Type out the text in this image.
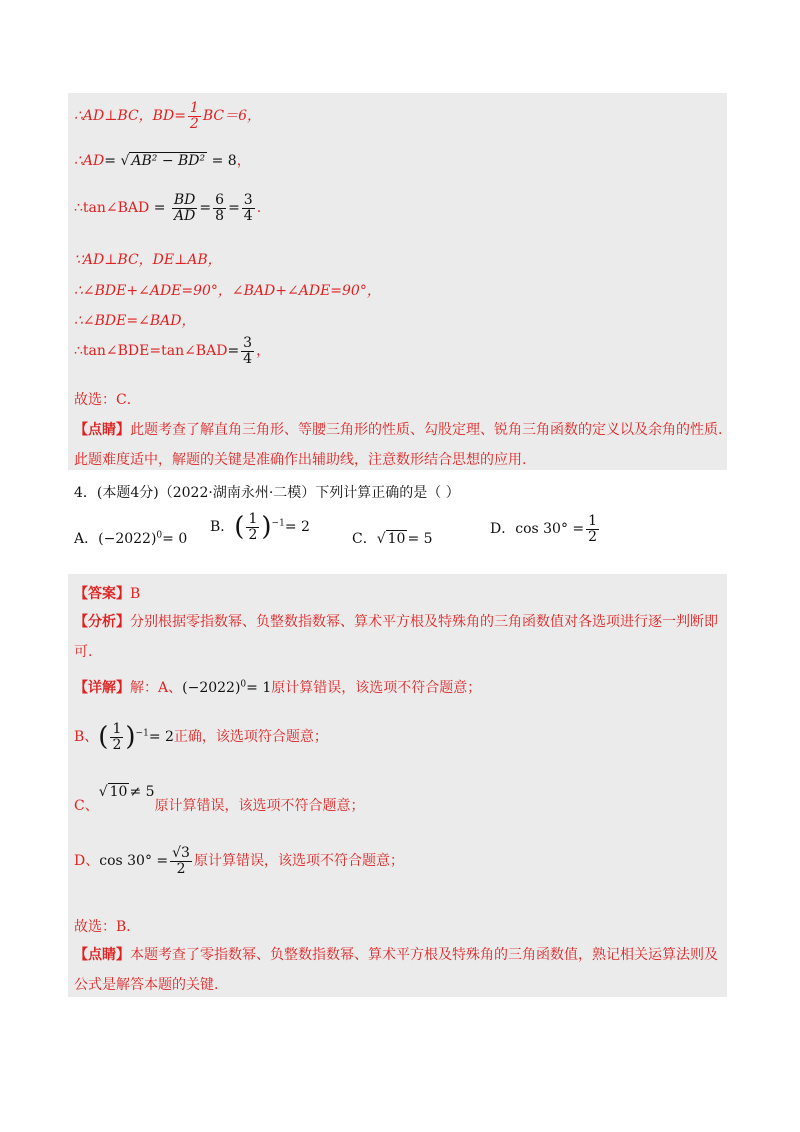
∴AD⊥BC，$BD= \frac{1}{2} BC=6$，
∴AD= √ AB² − BD² = 8，
∴tan∠BAD = $\frac{BD}{AD} = \frac{6}{8} = \frac{3}{4}$ .
∵AD⊥BC，DE⊥AB，
∴∠BDE+∠ADE=90°，∠BAD+∠ADE=90°，
∴∠BDE=∠BAD，
∴tan∠BDE=tan∠BAD= $\frac{3}{4}$ ，
故选：C．
【点睛】此题考查了解直角三角形、等腰三角形的性质、勾股定理、锐角三角函数的定义以及余角的性质.
此题难度适中，解题的关键是准确作出辅助线，注意数形结合思想的应用.
4．(本题4分)（2022·湖南永州·二模）下列计算正确的是（ ）
A．$(-2022)^0= 0$
B．( $\frac{1}{2} )^{-1}= 2$
C．√ 10 = 5
D．$\cos 30^\circ = \frac{1}{2}$
【答案】B
【分析】分别根据零指数幂、负整数指数幂、算术平方根及特殊角的三角函数值对各选项进行逐一判断即
可.
【详解】解：A、$(-2022)^0= 1$原计算错误，该选项不符合题意；
B、( $\frac{1}{2} )^{-1}= 2$正确，该选项符合题意；
C、√ 10 ≠ 5原计算错误，该选项不符合题意；
D、$\cos 30^\circ = \frac{√3}{2}$ 原计算错误，该选项不符合题意；
故选：B．
【点睛】本题考查了零指数幂、负整数指数幂、算术平方根及特殊角的三角函数值，熟记相关运算法则及
公式是解答本题的关键.
